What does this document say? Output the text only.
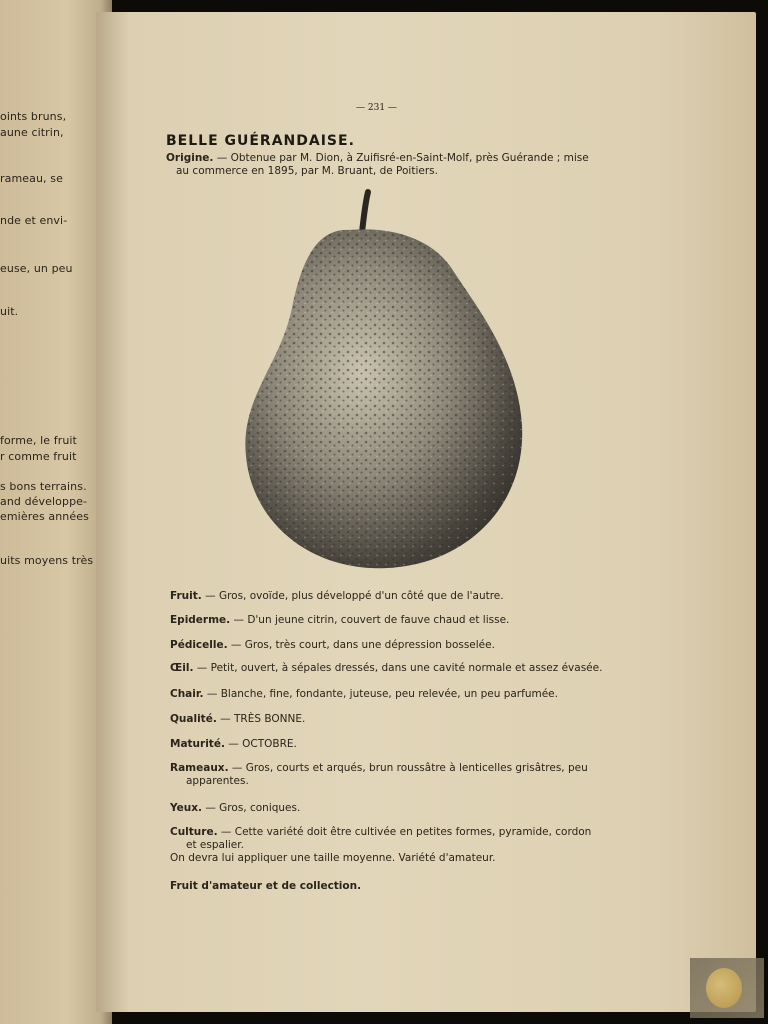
oints bruns,
aune citrin,
rameau, se
nde et envi-
euse, un peu
uit.
forme, le fruit
r comme fruit
s bons terrains.
and développe-
emières années
uits moyens très
— 231 —
BELLE GUÉRANDAISE.
Origine. — Obtenue par M. Dion, à Zuifisré-en-Saint-Molf, près Guérande ; mise
au commerce en 1895, par M. Bruant, de Poitiers.
Fruit. — Gros, ovoïde, plus développé d'un côté que de l'autre.
Epiderme. — D'un jeune citrin, couvert de fauve chaud et lisse.
Pédicelle. — Gros, très court, dans une dépression bosselée.
Œil. — Petit, ouvert, à sépales dressés, dans une cavité normale et assez évasée.
Chair. — Blanche, fine, fondante, juteuse, peu relevée, un peu parfumée.
Qualité. — TRÈS BONNE.
Maturité. — OCTOBRE.
Rameaux. — Gros, courts et arqués, brun roussâtre à lenticelles grisâtres, peu
apparentes.
Yeux. — Gros, coniques.
Culture. — Cette variété doit être cultivée en petites formes, pyramide, cordon
et espalier.
On devra lui appliquer une taille moyenne. Variété d'amateur.
Fruit d'amateur et de collection.
